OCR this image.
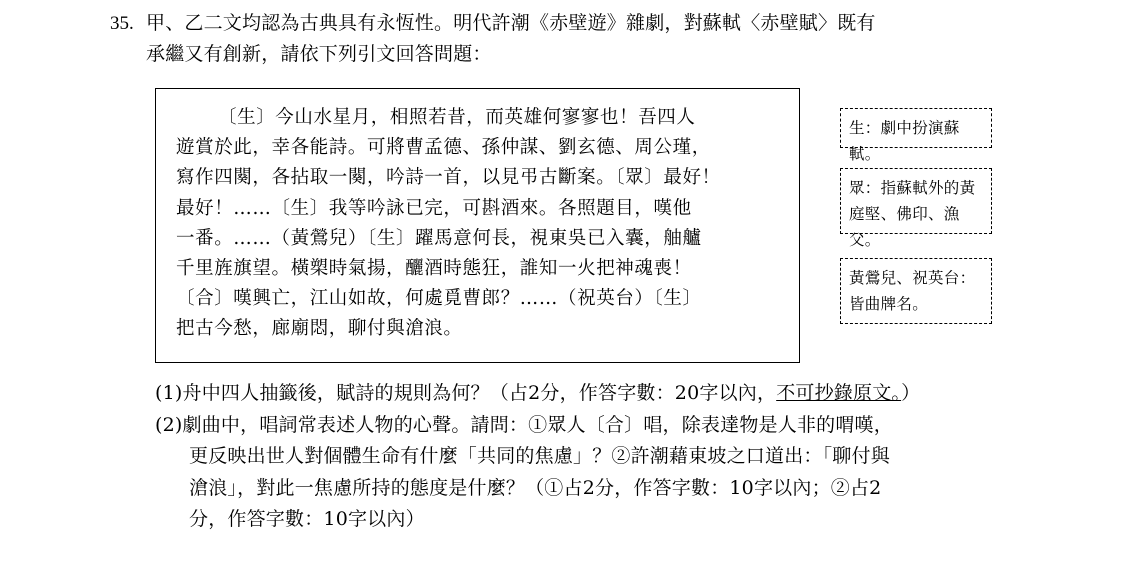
35. 甲、乙二文均認為古典具有永恆性。明代許潮《赤壁遊》雜劇，對蘇軾〈赤壁賦〉既有
承繼又有創新，請依下列引文回答問題：
〔生〕今山水星月，相照若昔，而英雄何寥寥也！吾四人
遊賞於此，幸各能詩。可將曹孟德、孫仲謀、劉玄德、周公瑾，
寫作四闋，各拈取一闋，吟詩一首，以見弔古斷案。〔眾〕最好！
最好！……〔生〕我等吟詠已完，可斟酒來。各照題目，嘆他
一番。……（黃鶯兒）〔生〕躍馬意何長，視東吳已入囊，舳艫
千里旌旗望。橫槊時氣揚，釃酒時態狂，誰知一火把神魂喪！
〔合〕嘆興亡，江山如故，何處覓曹郎？……（祝英台）〔生〕
把古今愁，廊廟悶，聊付與滄浪。
生：劇中扮演蘇軾。
眾：指蘇軾外的黃庭堅、佛印、漁父。
黃鶯兒、祝英台：皆曲牌名。
(1) 舟中四人抽籤後，賦詩的規則為何？（占2分，作答字數：20字以內，不可抄錄原文。）
(2) 劇曲中，唱詞常表述人物的心聲。請問：①眾人〔合〕唱，除表達物是人非的喟嘆，
更反映出世人對個體生命有什麼「共同的焦慮」？②許潮藉東坡之口道出：「聊付與
滄浪」，對此一焦慮所持的態度是什麼？（①占2分，作答字數：10字以內；②占2
分，作答字數：10字以內）
